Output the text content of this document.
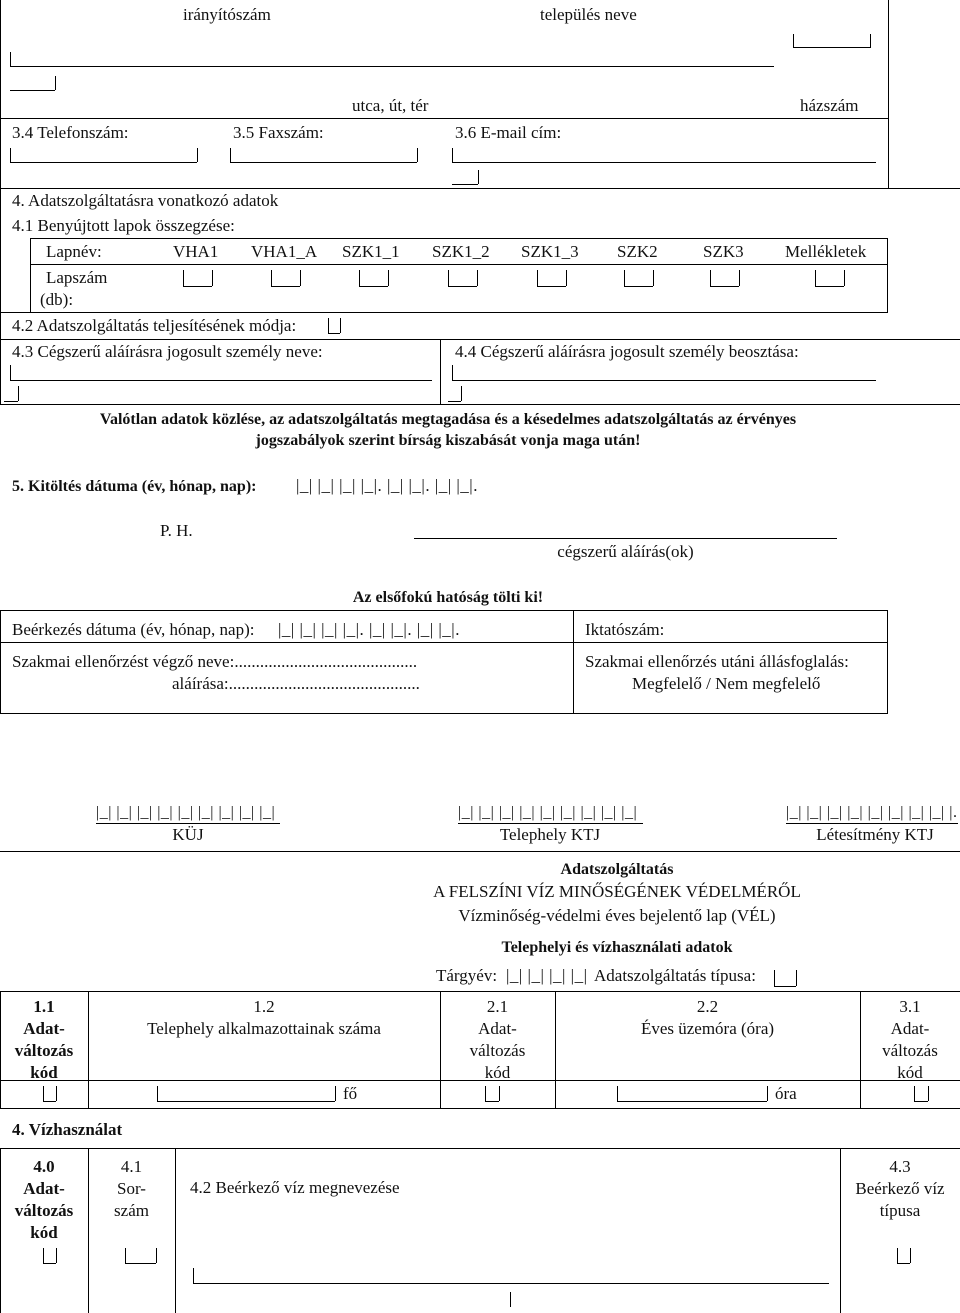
irányítószám	település neve
utca, út, tér	házszám
3.4 Telefonszám:	3.5 Faxszám:	3.6 E-mail cím:
4. Adatszolgáltatásra vonatkozó adatok
4.1 Benyújtott lapok összegzése:
Lapnév:	VHA1 VHA1_A SZK1_1 SZK1_2 SZK1_3 SZK2	SZK3 Mellékletek
Lapszám
(db):
4.2 Adatszolgáltatás teljesítésének módja:
4.3 Cégszerű aláírásra jogosult személy neve:	4.4 Cégszerű aláírásra jogosult személy beosztása:
Valótlan adatok közlése, az adatszolgáltatás megtagadása és a késedelmes adatszolgáltatás az érvényes
jogszabályok szerint bírság kiszabását vonja maga után!
5. Kitöltés dátuma (év, hónap, nap): |_| |_| |_| |_|. |_| |_|. |_| |_|.
P. H.
cégszerű aláírás(ok)
Az elsőfokú hatóság tölti ki!
Beérkezés dátuma (év, hónap, nap): |_| |_| |_| |_|. |_| |_|. |_| |_|.	Iktatószám:
Szakmai ellenőrzést végző neve:...........................................
aláírása:.............................................
Szakmai ellenőrzés utáni állásfoglalás:
Megfelelő / Nem megfelelő
|_| |_| |_| |_| |_| |_| |_| |_| |_|
KÜJ
|_| |_| |_| |_| |_| |_| |_| |_| |_|
Telephely KTJ
|_| |_| |_| |_| |_| |_| |_| |_| |.
Létesítmény KTJ
Adatszolgáltatás
A FELSZÍNI VÍZ MINŐSÉGÉNEK VÉDELMÉRŐL
Vízminőség-védelmi éves bejelentő lap (VÉL)
Telephelyi és vízhasználati adatok
Tárgyév: |_| |_| |_| |_| Adatszolgáltatás típusa:
1.1
Adat-
változás
kód
1.2
Telephely alkalmazottainak száma
2.1
Adat-
változás
kód
2.2
Éves üzemóra (óra)
3.1
Adat-
változás
kód
fő	óra
4. Vízhasználat
4.0
Adat-
változás
kód
4.1
Sor-
szám
4.2 Beérkező víz megnevezése
4.3
Beérkező víz
típusa
